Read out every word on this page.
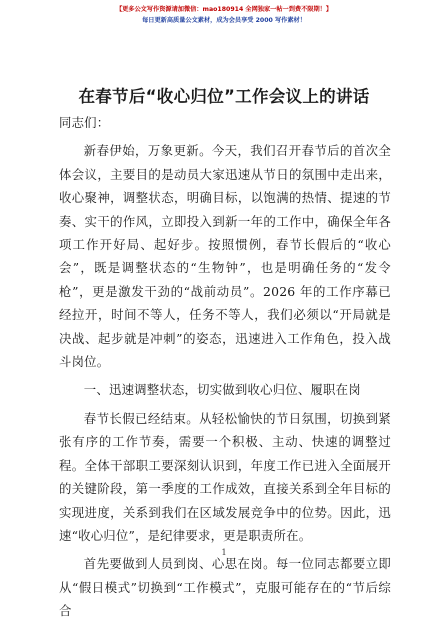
【更多公文写作资源请加微信：mao180914 全网独家一帖一到费不限期！】
每日更新高质量公文素材，成为会员享受 2000 写作素材！
在春节后“收心归位”工作会议上的讲话

同志们：

新春伊始，万象更新。今天，我们召开春节后的首次全体会议，主要目的是动员大家迅速从节日的氛围中走出来，收心聚神，调整状态，明确目标，以饱满的热情、提速的节奏、实干的作风，立即投入到新一年的工作中，确保全年各项工作开好局、起好步。按照惯例，春节长假后的“收心会”，既是调整状态的“生物钟”，也是明确任务的“发令枪”，更是激发干劲的“战前动员”。2026 年的工作序幕已经拉开，时间不等人，任务不等人，我们必须以“开局就是决战、起步就是冲刺”的姿态，迅速进入工作角色，投入战斗岗位。

一、迅速调整状态，切实做到收心归位、履职在岗

春节长假已经结束。从轻松愉快的节日氛围，切换到紧张有序的工作节奏，需要一个积极、主动、快速的调整过程。全体干部职工要深刻认识到，年度工作已进入全面展开的关键阶段，第一季度的工作成效，直接关系到全年目标的实现进度，关系到我们在区域发展竞争中的位势。因此，迅速“收心归位”，是纪律要求，更是职责所在。

首先要做到人员到岗、心思在岗。每一位同志都要立即从“假日模式”切换到“工作模式”，克服可能存在的“节后综合

1
